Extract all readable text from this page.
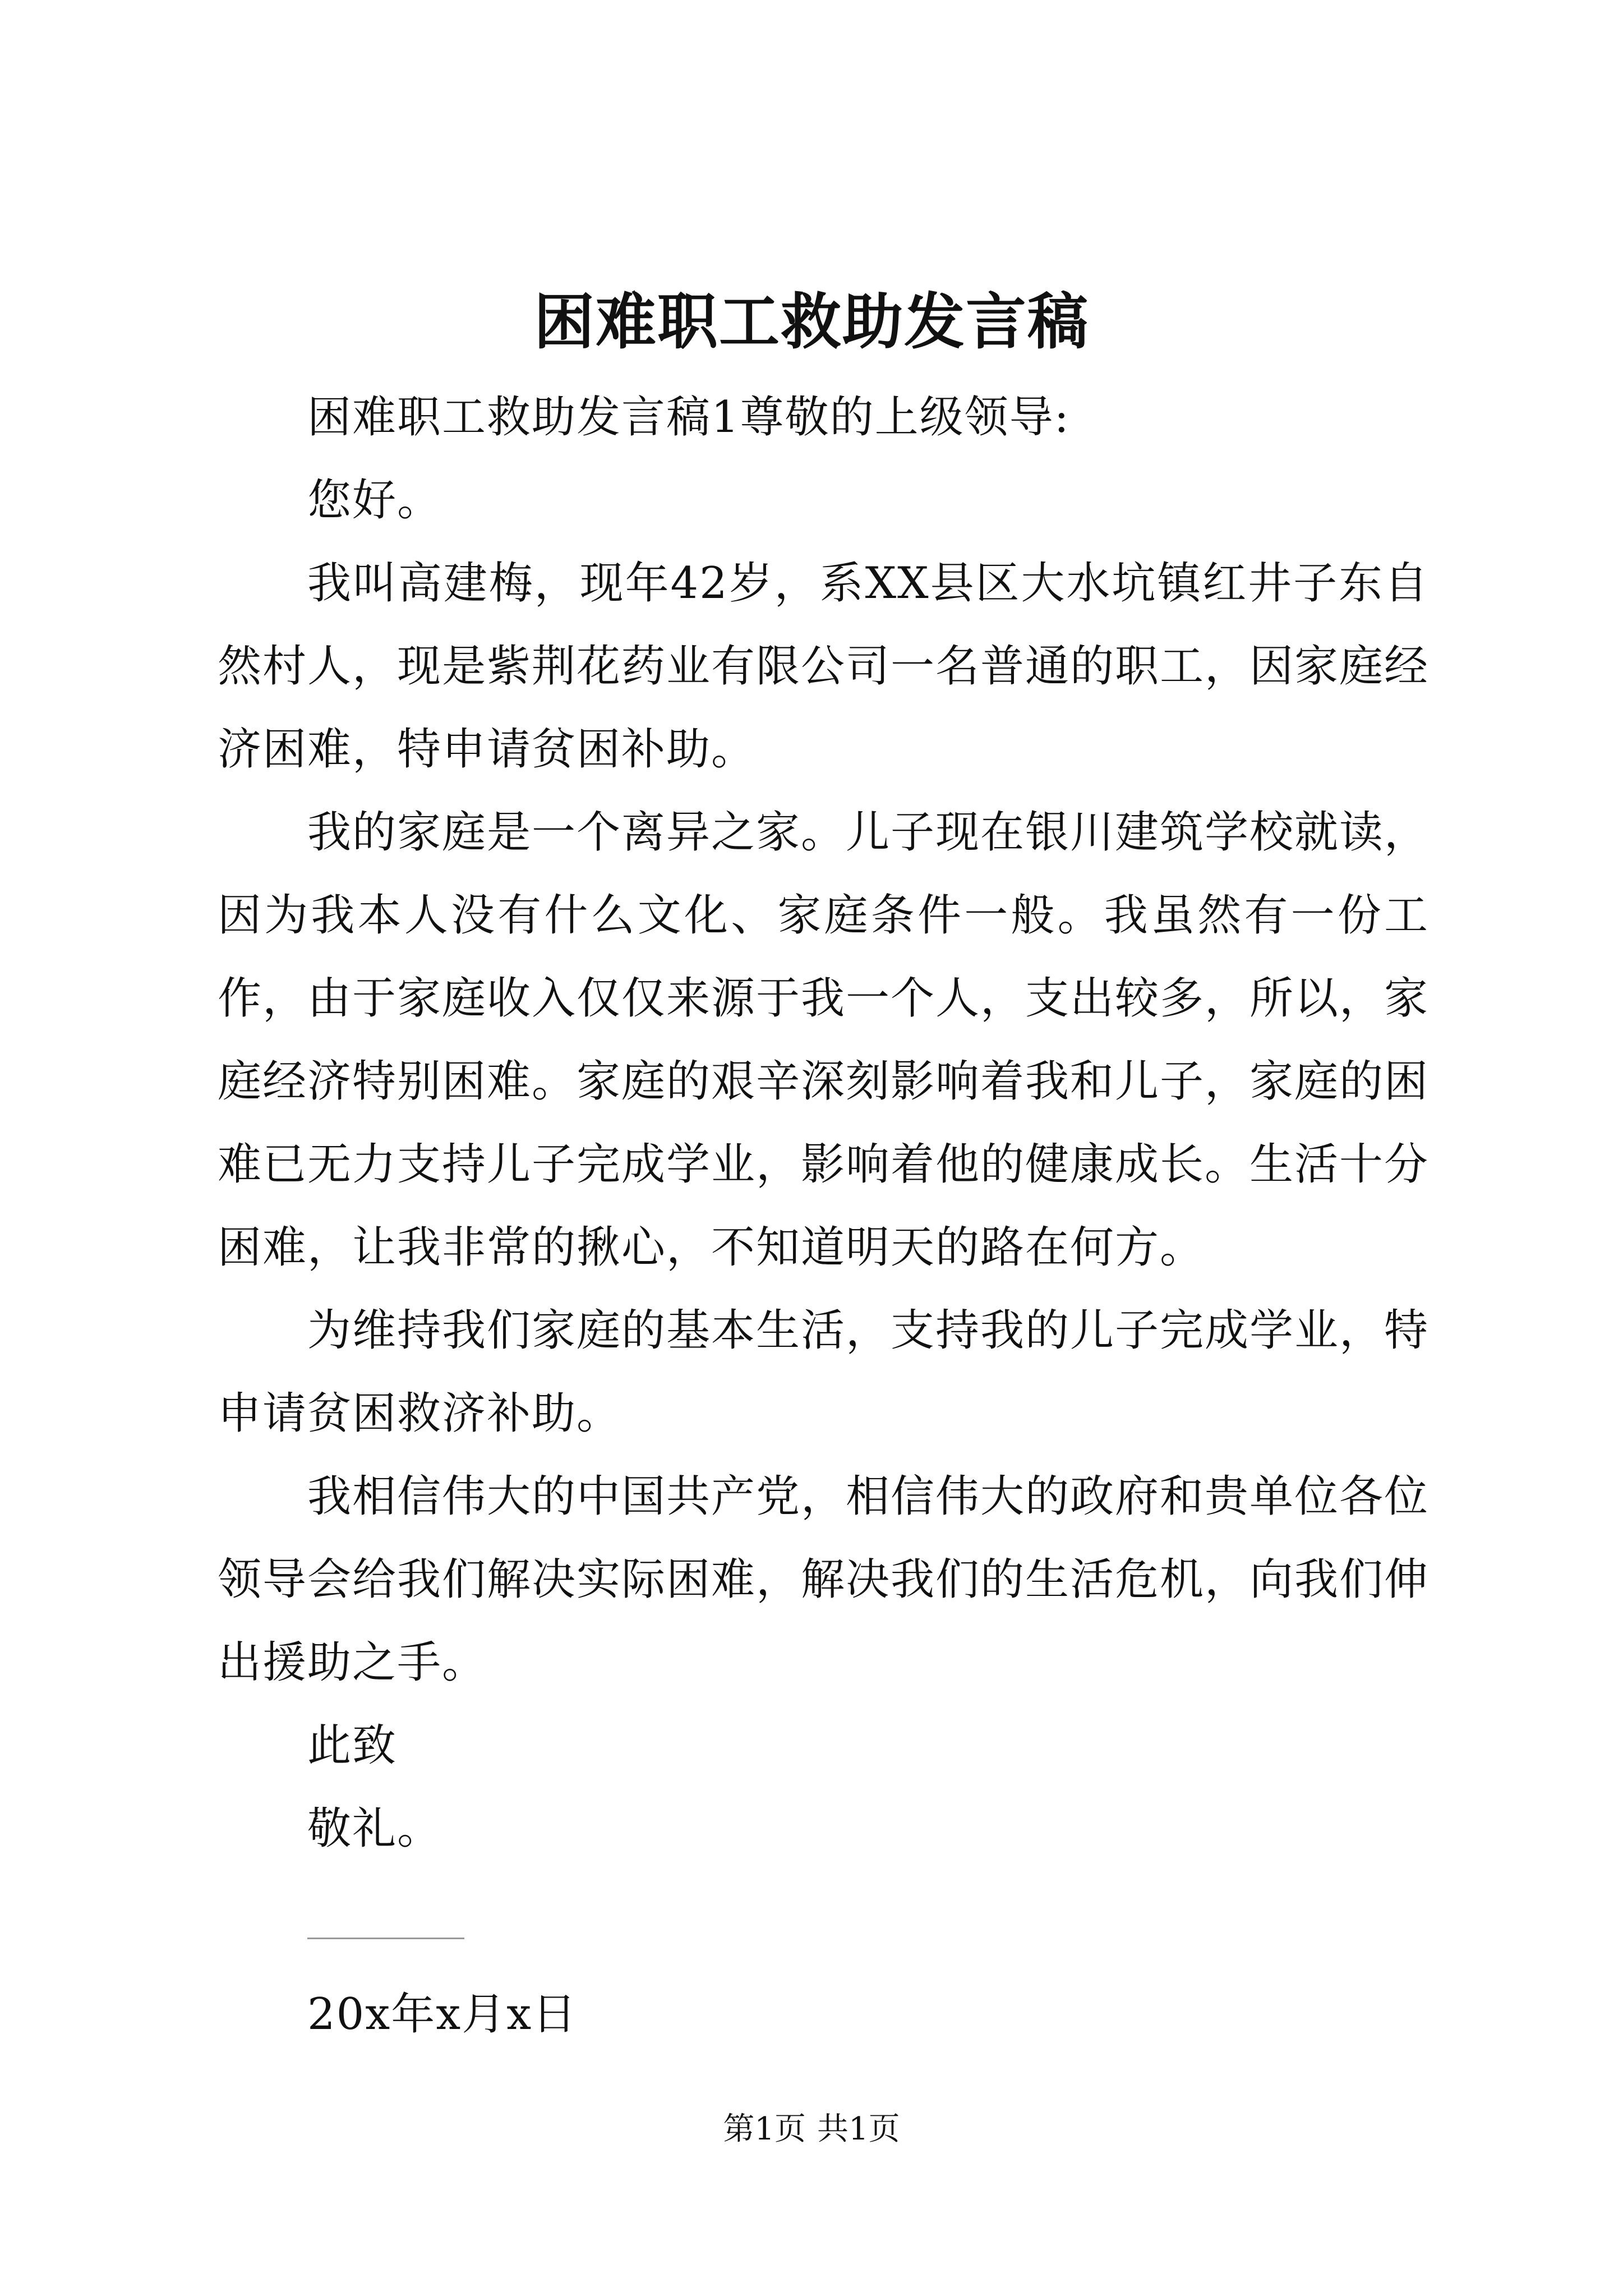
困难职工救助发言稿

困难职工救助发言稿1尊敬的上级领导:

您好。

我叫高建梅，现年42岁，系XX县区大水坑镇红井子东自然村人，现是紫荆花药业有限公司一名普通的职工，因家庭经济困难，特申请贫困补助。

我的家庭是一个离异之家。儿子现在银川建筑学校就读，因为我本人没有什么文化、家庭条件一般。我虽然有一份工作，由于家庭收入仅仅来源于我一个人，支出较多，所以，家庭经济特别困难。家庭的艰辛深刻影响着我和儿子，家庭的困难已无力支持儿子完成学业，影响着他的健康成长。生活十分困难，让我非常的揪心，不知道明天的路在何方。

为维持我们家庭的基本生活，支持我的儿子完成学业，特申请贫困救济补助。

我相信伟大的中国共产党，相信伟大的政府和贵单位各位领导会给我们解决实际困难，解决我们的生活危机，向我们伸出援助之手。

此致

敬礼。

20x年x月x日

第1页 共1页
